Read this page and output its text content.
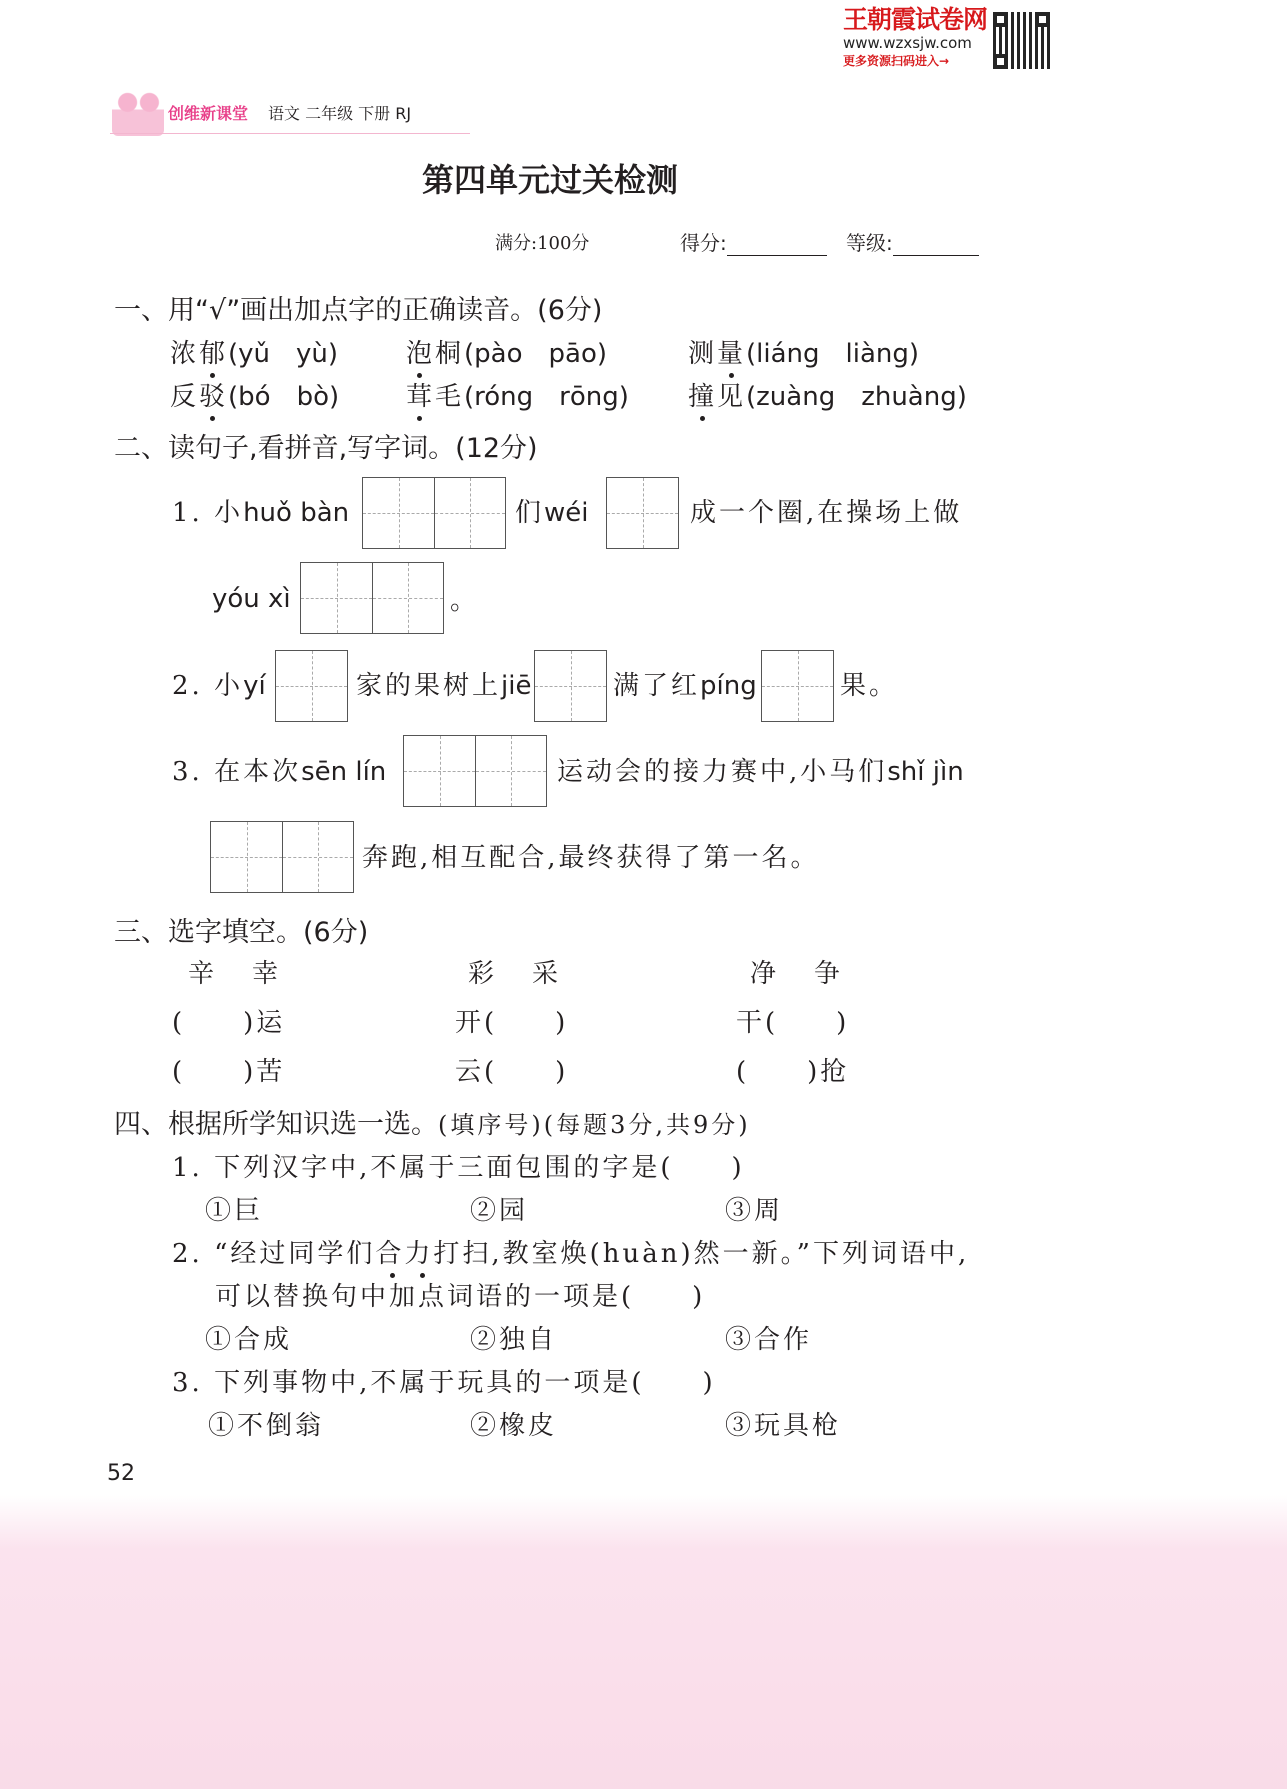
王朝霞试卷网
www.wzxsjw.com
更多资源扫码进入→
创维新课堂 语文 二年级 下册 RJ
第四单元过关检测
满分:100分	得分:	等级:
一、用“√”画出加点字的正确读音。(6分)
浓郁(yǔ　yù)	泡桐(pào　pāo)	测量(liáng　liàng)
反驳(bó　bò)	茸毛(róng　rōng) 撞见(zuàng　zhuàng)
二、读句子,看拼音,写字词。(12分)
1. 小huǒ bàn	们wéi	成一个圈,在操场上做
yóu xì	。
2. 小yí	家的果树上jiē	满了红píng	果。
3. 在本次sēn lín	运动会的接力赛中,小马们shǐ jìn
奔跑,相互配合,最终获得了第一名。
三、选字填空。(6分)
辛　幸	彩　采	净　争
(　　)运	开(　　)	干(　　)
(　　)苦	云(　　)	(　　)抢
四、根据所学知识选一选。(填序号)(每题3分,共9分)
1. 下列汉字中,不属于三面包围的字是(　　)
①巨	②园	③周
2. “经过同学们合力打扫,教室焕(huàn)然一新。”下列词语中,
可以替换句中加点词语的一项是(　　)
①合成	②独自	③合作
3. 下列事物中,不属于玩具的一项是(　　)
①不倒翁	②橡皮	③玩具枪
52
